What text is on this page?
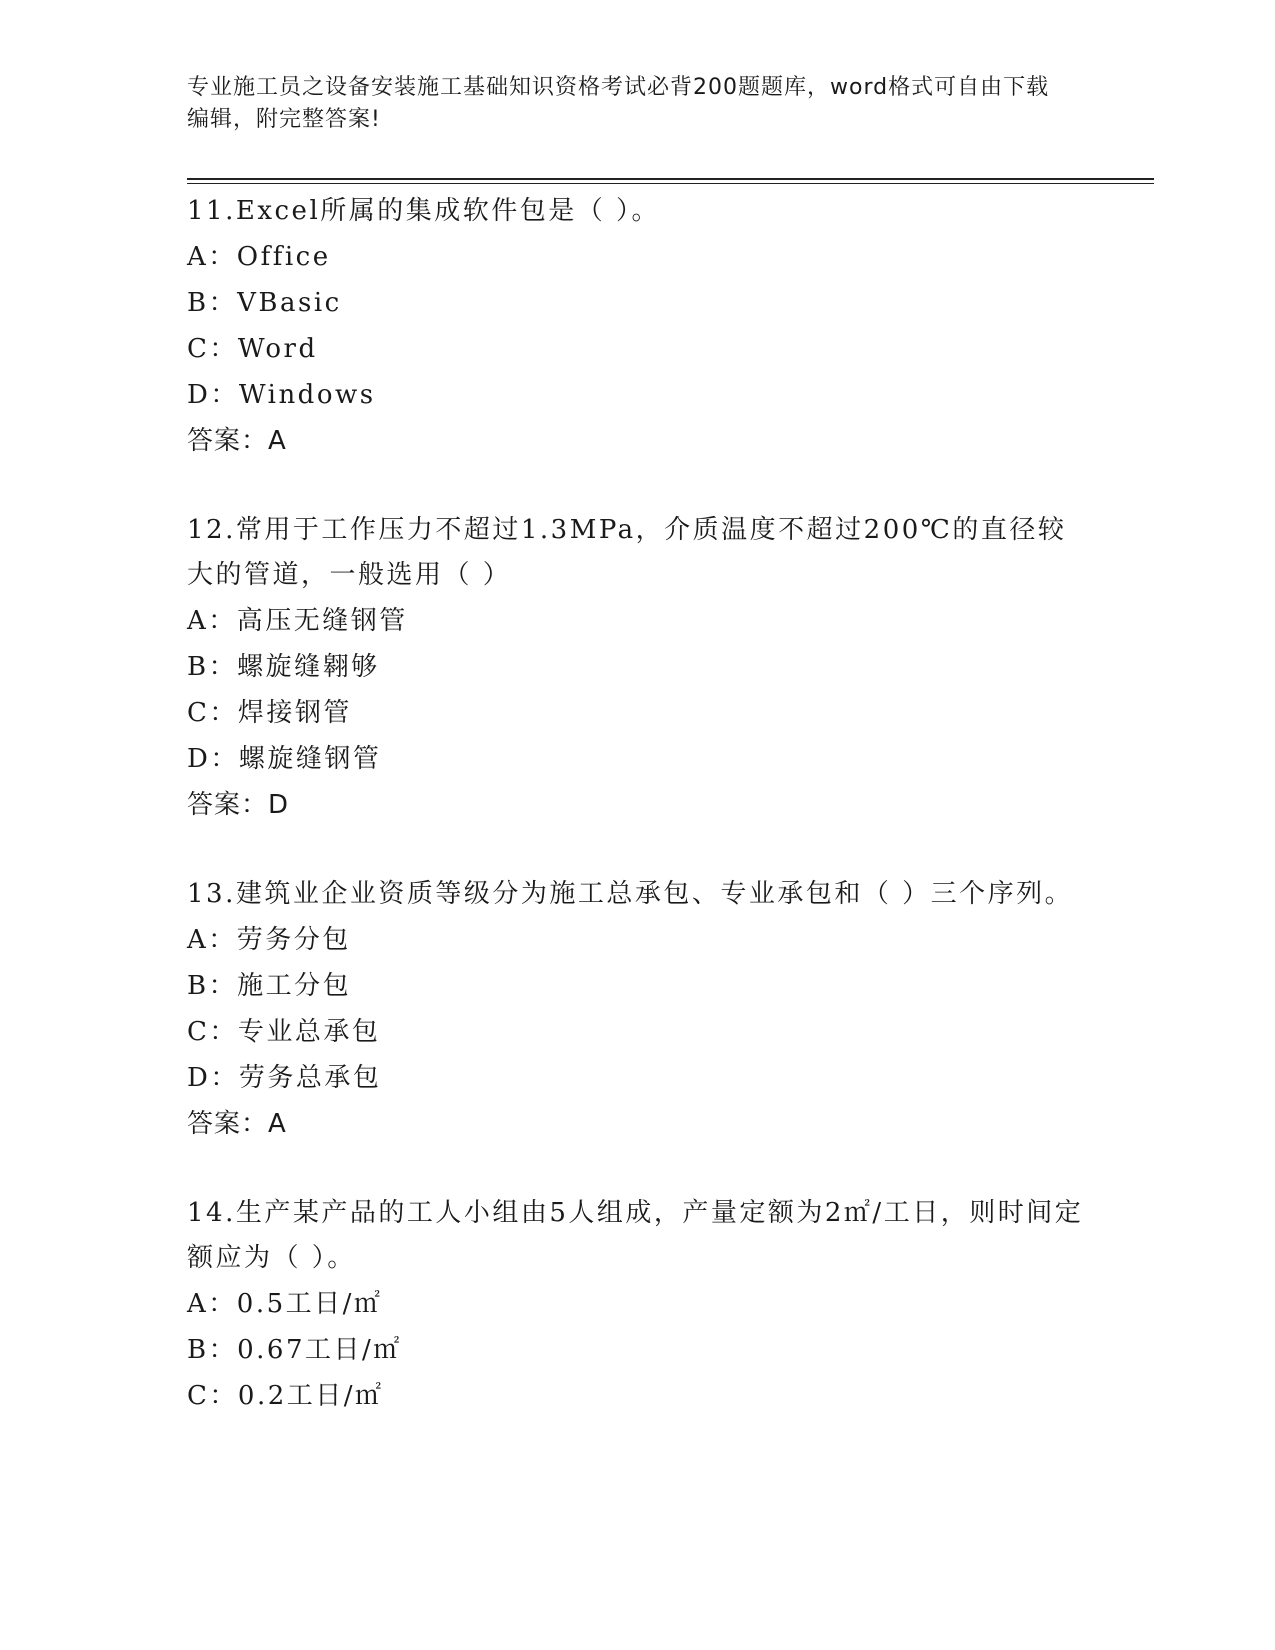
专业施工员之设备安装施工基础知识资格考试必背200题题库，word格式可自由下载编辑，附完整答案!
11.Excel所属的集成软件包是（ ）。
A：Office
B：VBasic
C：Word
D：Windows
答案：A
12.常用于工作压力不超过1.3MPa，介质温度不超过200℃的直径较大的管道，一般选用（ ）
A：高压无缝钢管
B：螺旋缝翱够
C：焊接钢管
D：螺旋缝钢管
答案：D
13.建筑业企业资质等级分为施工总承包、专业承包和（ ）三个序列。
A：劳务分包
B：施工分包
C：专业总承包
D：劳务总承包
答案：A
14.生产某产品的工人小组由5人组成，产量定额为2㎡/工日，则时间定额应为（ ）。
A：0.5工日/㎡
B：0.67工日/㎡
C：0.2工日/㎡
